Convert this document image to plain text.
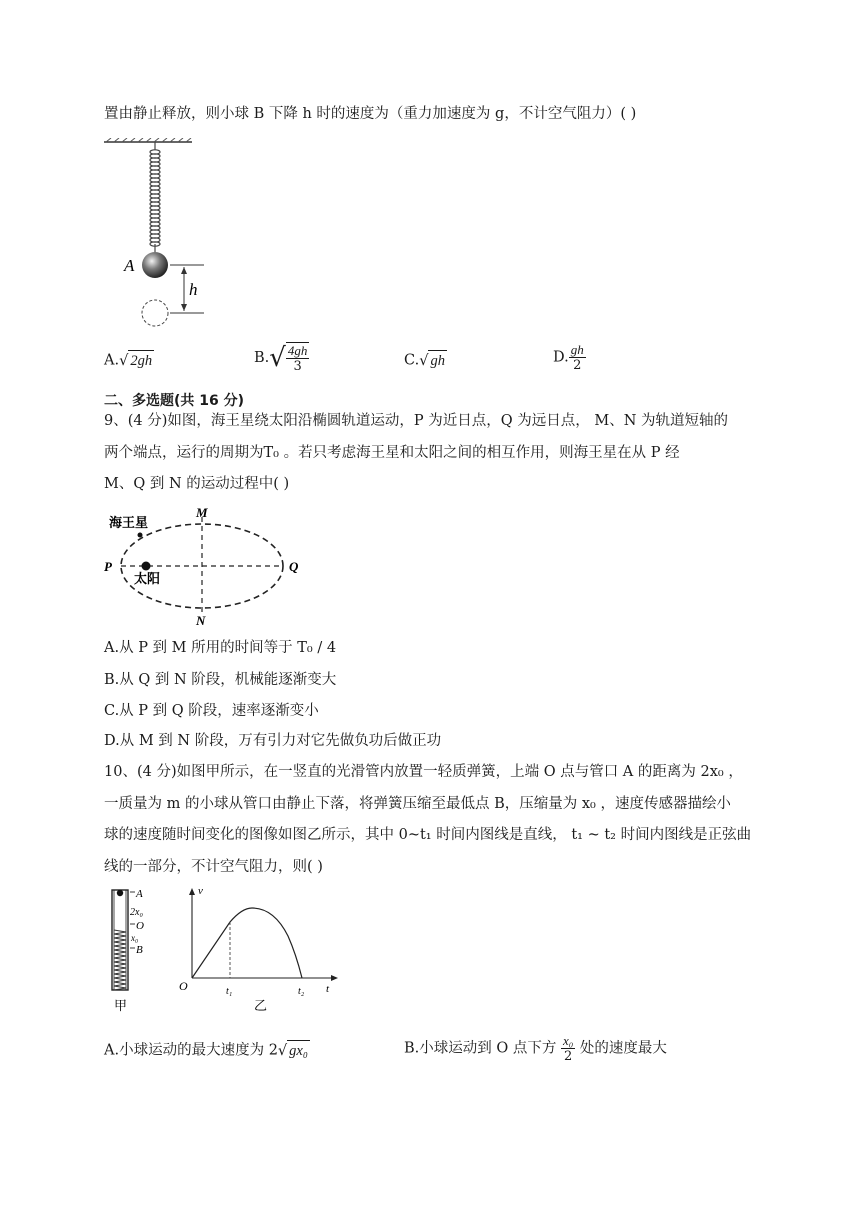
置由静止释放，则小球 B 下降 h 时的速度为（重力加速度为 g，不计空气阻力）( )
A
h
A.√ 2gh	$B.√ \frac{4gh}{3}$	C.√ gh	D. $\frac{gh}{2}$
二、多选题(共 16 分)
9、(4 分)如图，海王星绕太阳沿椭圆轨道运动，P 为近日点，Q 为远日点， M、N 为轨道短轴的
两个端点，运行的周期为T₀ 。若只考虑海王星和太阳之间的相互作用，则海王星在从 P 经
M、Q 到 N 的运动过程中( )
海王星
太阳
P	Q
M
N
A.从 P 到 M 所用的时间等于 T₀ / 4
B.从 Q 到 N 阶段，机械能逐渐变大
C.从 P 到 Q 阶段，速率逐渐变小
D.从 M 到 N 阶段，万有引力对它先做负功后做正功
10、(4 分)如图甲所示，在一竖直的光滑管内放置一轻质弹簧，上端 O 点与管口 A 的距离为 2x₀ ，
一质量为 m 的小球从管口由静止下落，将弹簧压缩至最低点 B，压缩量为 x₀ ，速度传感器描绘小
球的速度随时间变化的图像如图乙所示，其中 0~t₁ 时间内图线是直线， t₁ ~ t₂ 时间内图线是正弦曲
线的一部分，不计空气阻力，则( )
A
2x₀
O
x₀
B
甲
v
O	t₁	t₂ t
乙
A.小球运动的最大速度为 2√ gx₀	B.小球运动到 O 点下方 $\frac{\text{x₀}}{2}$ 处的速度最大
